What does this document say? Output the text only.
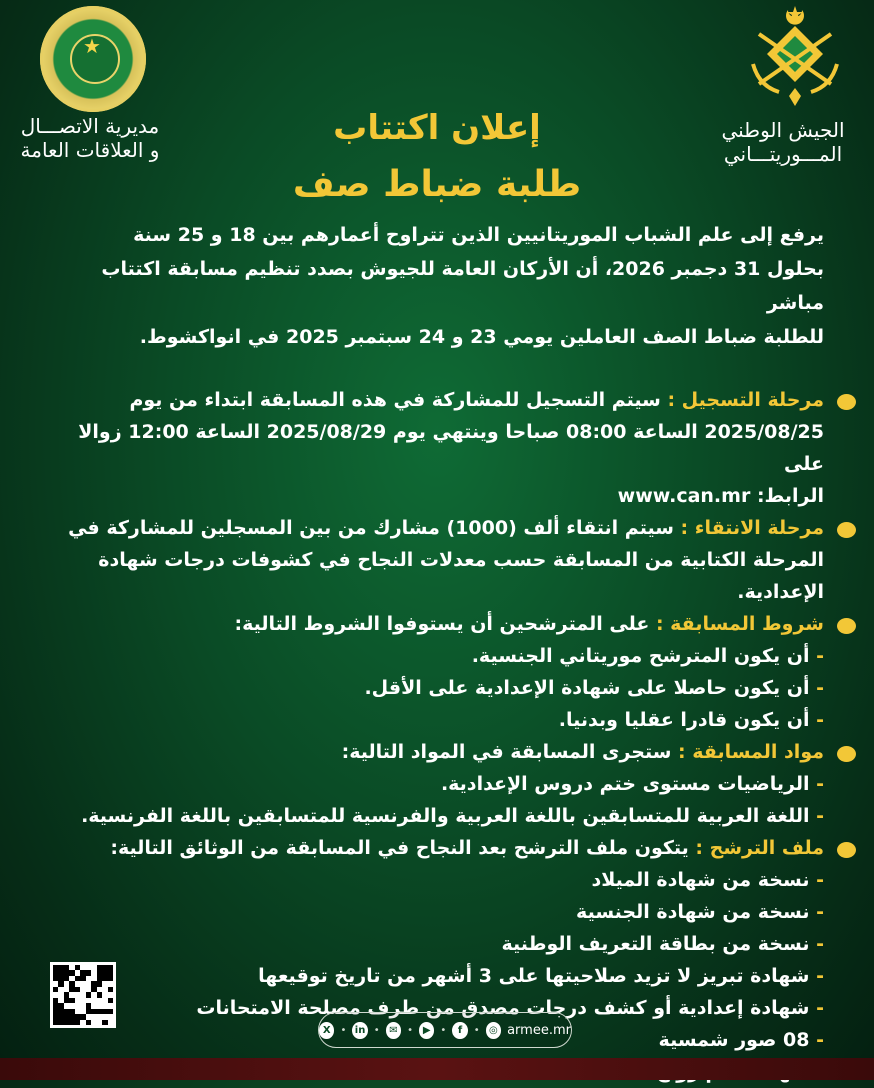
★
مديرية الاتصـــال
و العلاقات العامة
الجيش الوطني
المـــوريتـــاني
إعلان اكتتاب
طلبة ضباط صف

يرفع إلى علم الشباب الموريتانيين الذين تتراوح أعمارهم بين 18 و 25 سنة

بحلول 31 دجمبر 2026، أن الأركان العامة للجيوش بصدد تنظيم مسابقة اكتتاب مباشر

للطلبة ضباط الصف العاملين يومي 23 و 24 سبتمبر 2025 في انواكشوط.

مرحلة التسجيل : سيتم التسجيل للمشاركة في هذه المسابقة ابتداء من يوم

2025/08/25 الساعة 08:00 صباحا وينتهي يوم 2025/08/29 الساعة 12:00 زوالا على

الرابط: www.can.mr

مرحلة الانتقاء : سيتم انتقاء ألف (1000) مشارك من بين المسجلين للمشاركة في

المرحلة الكتابية من المسابقة حسب معدلات النجاح في كشوفات درجات شهادة

الإعدادية.

شروط المسابقة : على المترشحين أن يستوفوا الشروط التالية:

- أن يكون المترشح موريتاني الجنسية.

- أن يكون حاصلا على شهادة الإعدادية على الأقل.

- أن يكون قادرا عقليا وبدنيا.

مواد المسابقة : ستجرى المسابقة في المواد التالية:

- الرياضيات مستوى ختم دروس الإعدادية.

- اللغة العربية للمتسابقين باللغة العربية والفرنسية للمتسابقين باللغة الفرنسية.

ملف الترشح : يتكون ملف الترشح بعد النجاح في المسابقة من الوثائق التالية:

- نسخة من شهادة الميلاد

- نسخة من شهادة الجنسية

- نسخة من بطاقة التعريف الوطنية

- شهادة تبريز لا تزيد صلاحيتها على 3 أشهر من تاريخ توقيعها

- شهادة إعدادية أو كشف درجات مصدق من طرف مصلحة الامتحانات

- 08 صور شمسية

X • in • ✉ • ▶ •	f	• ◎ armee.mr
